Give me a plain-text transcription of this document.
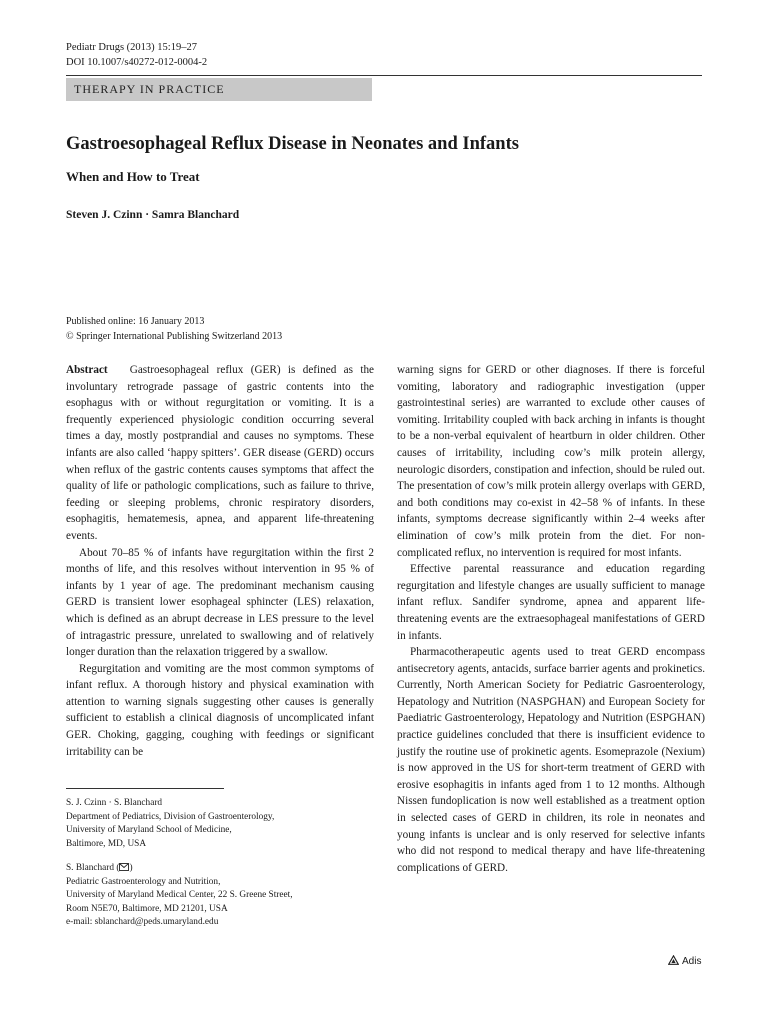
Pediatr Drugs (2013) 15:19–27
DOI 10.1007/s40272-012-0004-2
THERAPY IN PRACTICE
Gastroesophageal Reflux Disease in Neonates and Infants
When and How to Treat
Steven J. Czinn · Samra Blanchard
Published online: 16 January 2013
© Springer International Publishing Switzerland 2013

Abstract Gastroesophageal reflux (GER) is defined as the involuntary retrograde passage of gastric contents into the esophagus with or without regurgitation or vomiting. It is a frequently experienced physiologic condition occurring several times a day, mostly postprandial and causes no symptoms. These infants are also called ‘happy spitters’. GER disease (GERD) occurs when reflux of the gastric contents causes symptoms that affect the quality of life or pathologic complications, such as failure to thrive, feeding or sleeping problems, chronic respiratory disorders, esophagitis, hematemesis, apnea, and apparent life-threatening events.

About 70–85 % of infants have regurgitation within the first 2 months of life, and this resolves without intervention in 95 % of infants by 1 year of age. The predominant mechanism causing GERD is transient lower esophageal sphincter (LES) relaxation, which is defined as an abrupt decrease in LES pressure to the level of intragastric pressure, unrelated to swallowing and of relatively longer duration than the relaxation triggered by a swallow.

Regurgitation and vomiting are the most common symptoms of infant reflux. A thorough history and physical examination with attention to warning signals suggesting other causes is generally sufficient to establish a clinical diagnosis of uncomplicated infant GER. Choking, gagging, coughing with feedings or significant irritability can be

warning signs for GERD or other diagnoses. If there is forceful vomiting, laboratory and radiographic investigation (upper gastrointestinal series) are warranted to exclude other causes of vomiting. Irritability coupled with back arching in infants is thought to be a non-verbal equivalent of heartburn in older children. Other causes of irritability, including cow’s milk protein allergy, neurologic disorders, constipation and infection, should be ruled out. The presentation of cow’s milk protein allergy overlaps with GERD, and both conditions may co-exist in 42–58 % of infants. In these infants, symptoms decrease significantly within 2–4 weeks after elimination of cow’s milk protein from the diet. For non-complicated reflux, no intervention is required for most infants.

Effective parental reassurance and education regarding regurgitation and lifestyle changes are usually sufficient to manage infant reflux. Sandifer syndrome, apnea and apparent life-threatening events are the extraesophageal manifestations of GERD in infants.

Pharmacotherapeutic agents used to treat GERD encompass antisecretory agents, antacids, surface barrier agents and prokinetics. Currently, North American Society for Pediatric Gasroenterology, Hepatology and Nutrition (NASPGHAN) and European Society for Paediatric Gastroenterology, Hepatology and Nutrition (ESPGHAN) practice guidelines concluded that there is insufficient evidence to justify the routine use of prokinetic agents. Esomeprazole (Nexium) is now approved in the US for short-term treatment of GERD with erosive esophagitis in infants aged from 1 to 12 months. Although Nissen fundoplication is now well established as a treatment option in selected cases of GERD in children, its role in neonates and young infants is unclear and is only reserved for selective infants who did not respond to medical therapy and have life-threatening complications of GERD.

S. J. Czinn · S. Blanchard
Department of Pediatrics, Division of Gastroenterology,
University of Maryland School of Medicine,
Baltimore, MD, USA
S. Blanchard ( )
Pediatric Gastroenterology and Nutrition,
University of Maryland Medical Center, 22 S. Greene Street,
Room N5E70, Baltimore, MD 21201, USA
e-mail: sblanchard@peds.umaryland.edu
Adis
